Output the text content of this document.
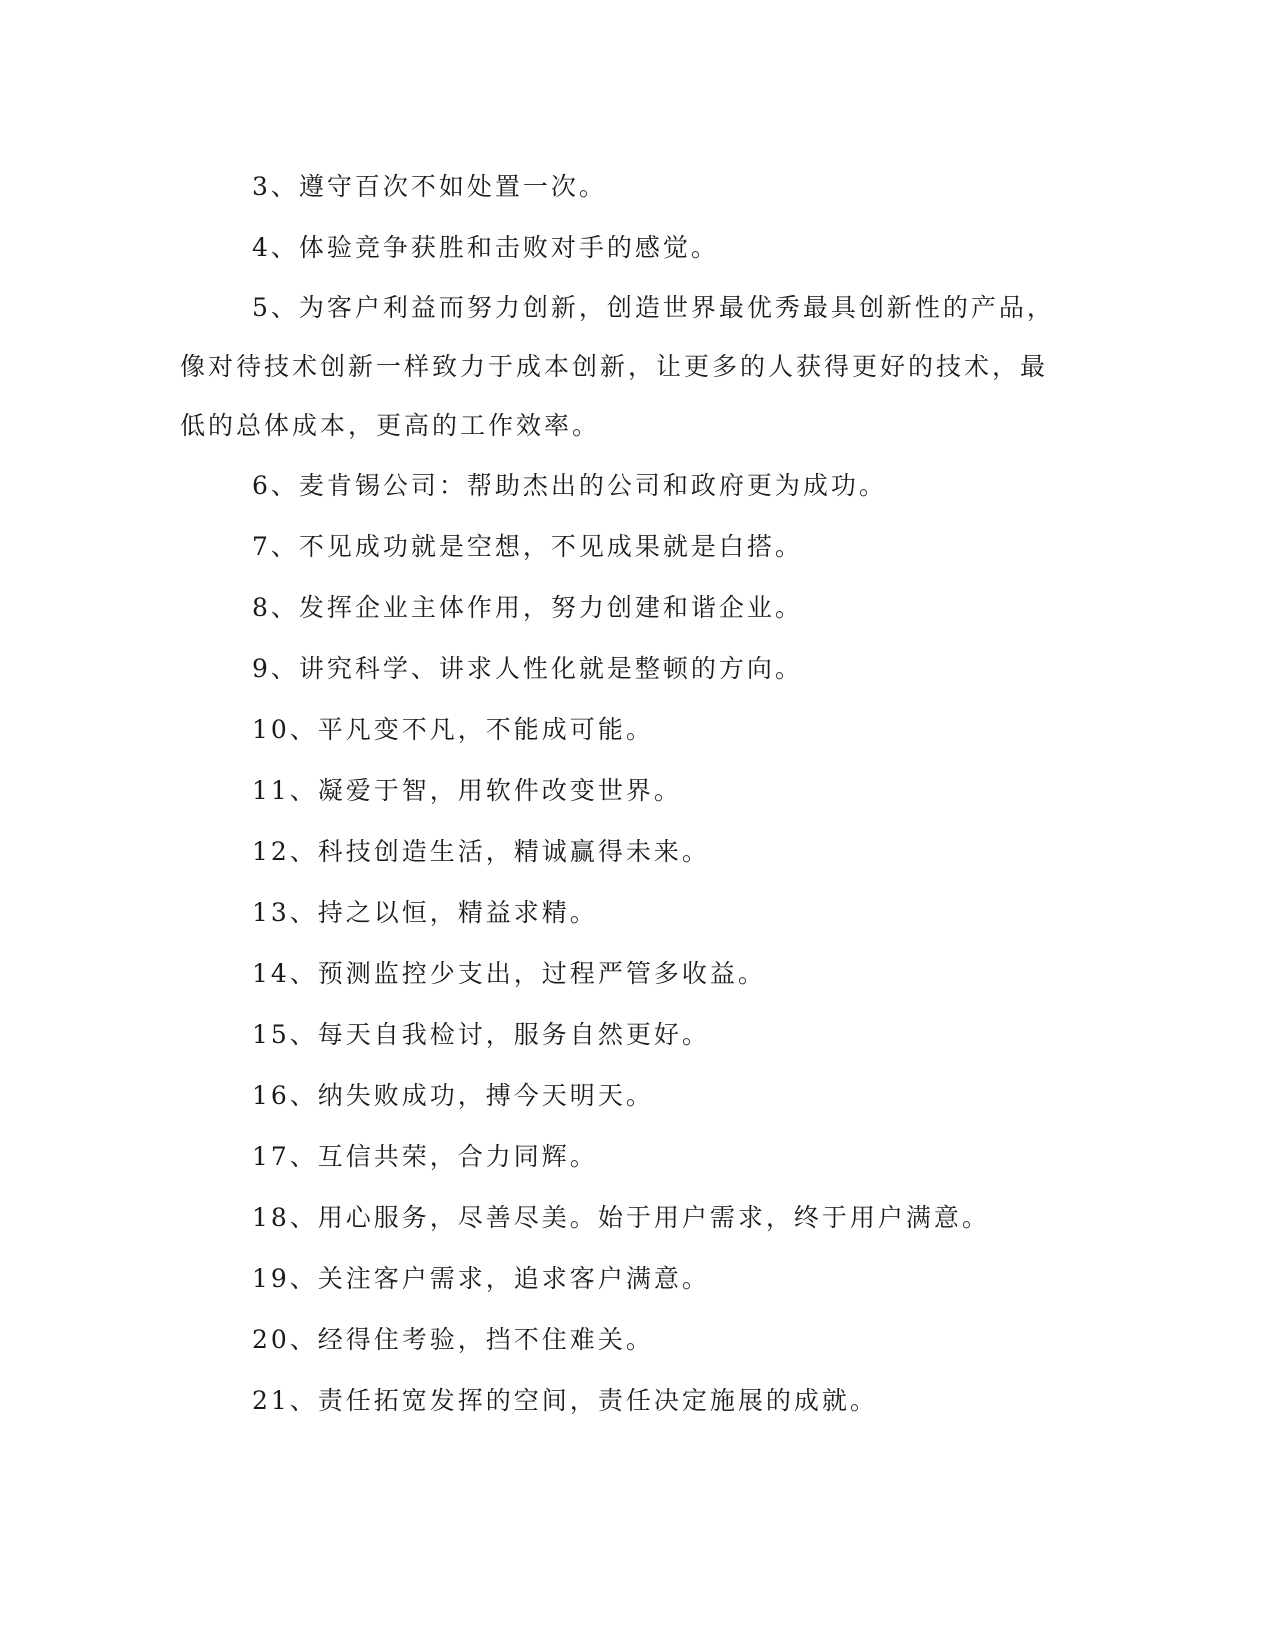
3、遵守百次不如处置一次。

4、体验竞争获胜和击败对手的感觉。

5、为客户利益而努力创新，创造世界最优秀最具创新性的产品，像对待技术创新一样致力于成本创新，让更多的人获得更好的技术，最低的总体成本，更高的工作效率。

6、麦肯锡公司：帮助杰出的公司和政府更为成功。

7、不见成功就是空想，不见成果就是白搭。

8、发挥企业主体作用，努力创建和谐企业。

9、讲究科学、讲求人性化就是整顿的方向。

10、平凡变不凡，不能成可能。

11、凝爱于智，用软件改变世界。

12、科技创造生活，精诚赢得未来。

13、持之以恒，精益求精。

14、预测监控少支出，过程严管多收益。

15、每天自我检讨，服务自然更好。

16、纳失败成功，搏今天明天。

17、互信共荣，合力同辉。

18、用心服务，尽善尽美。始于用户需求，终于用户满意。

19、关注客户需求，追求客户满意。

20、经得住考验，挡不住难关。

21、责任拓宽发挥的空间，责任决定施展的成就。
